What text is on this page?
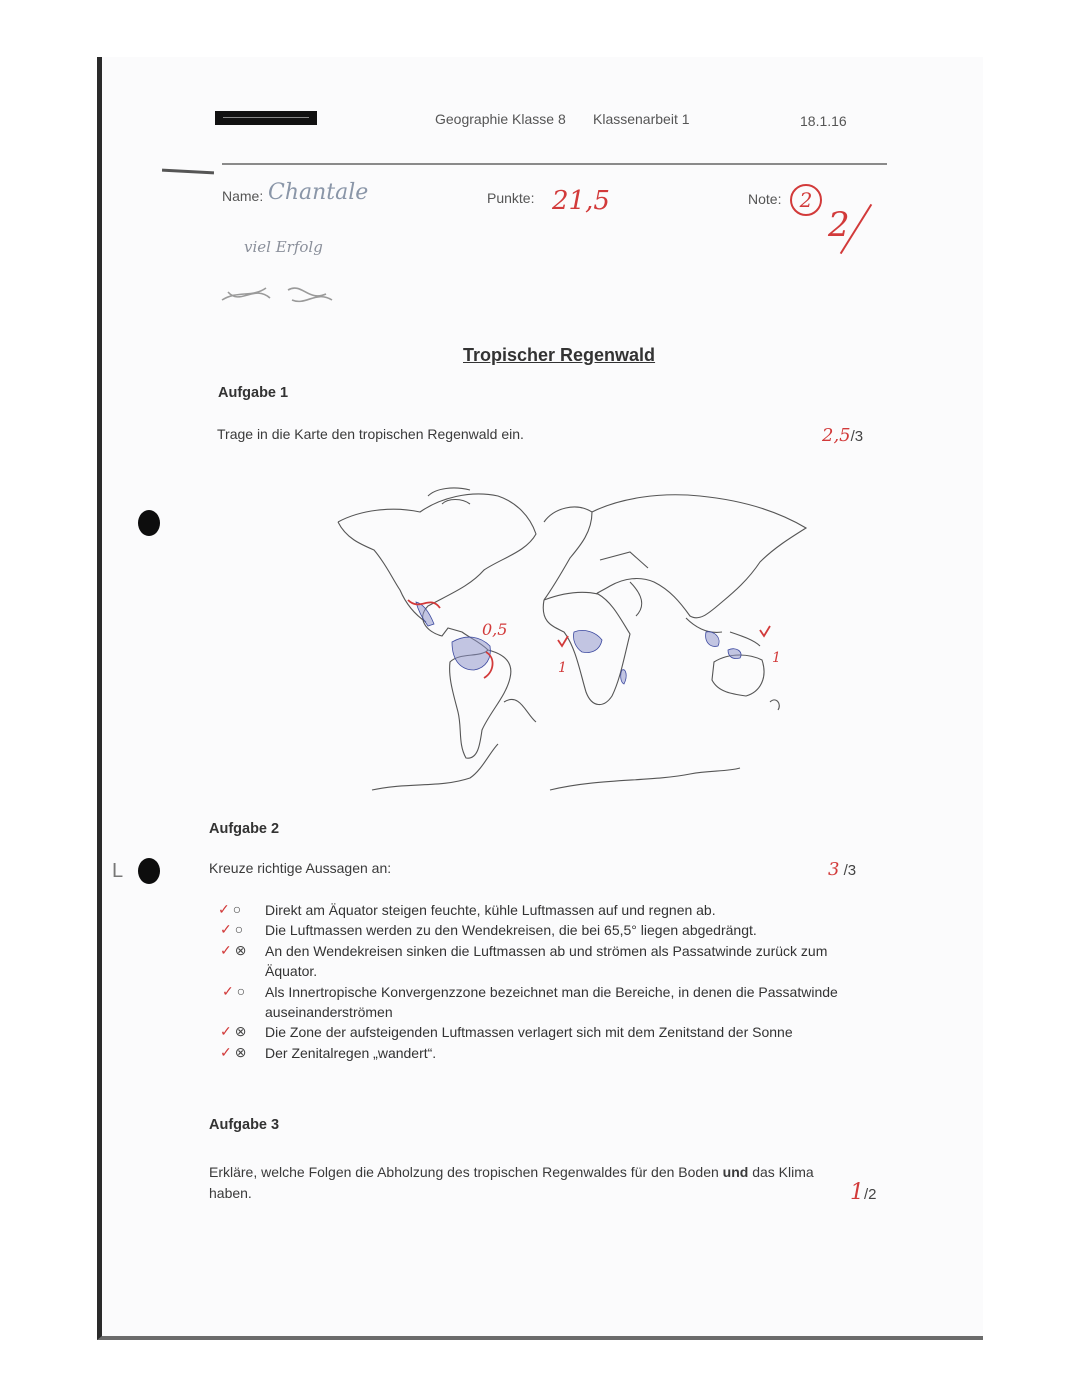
L
Geographie Klasse 8 Klassenarbeit 1	18.1.16
Name: Chantale	Punkte: 21,5	Note: 2
2
viel Erfolg
Tropischer Regenwald
Aufgabe 1
Trage in die Karte den tropischen Regenwald ein.	2,5/3
0,5
1
1
Aufgabe 2
Kreuze richtige Aussagen an:	3 /3
✓ ○ Direkt am Äquator steigen feuchte, kühle Luftmassen auf und regnen ab.
✓ ○ Die Luftmassen werden zu den Wendekreisen, die bei 65,5° liegen abgedrängt.
✓ ⊗ An den Wendekreisen sinken die Luftmassen ab und strömen als Passatwinde zurück zum Äquator.
✓ ○ Als Innertropische Konvergenzzone bezeichnet man die Bereiche, in denen die Passatwinde auseinanderströmen
✓ ⊗ Die Zone der aufsteigenden Luftmassen verlagert sich mit dem Zenitstand der Sonne
✓ ⊗ Der Zenitalregen „wandert“.
Aufgabe 3
Erkläre, welche Folgen die Abholzung des tropischen Regenwaldes für den Boden und das Klima haben.	1/2
